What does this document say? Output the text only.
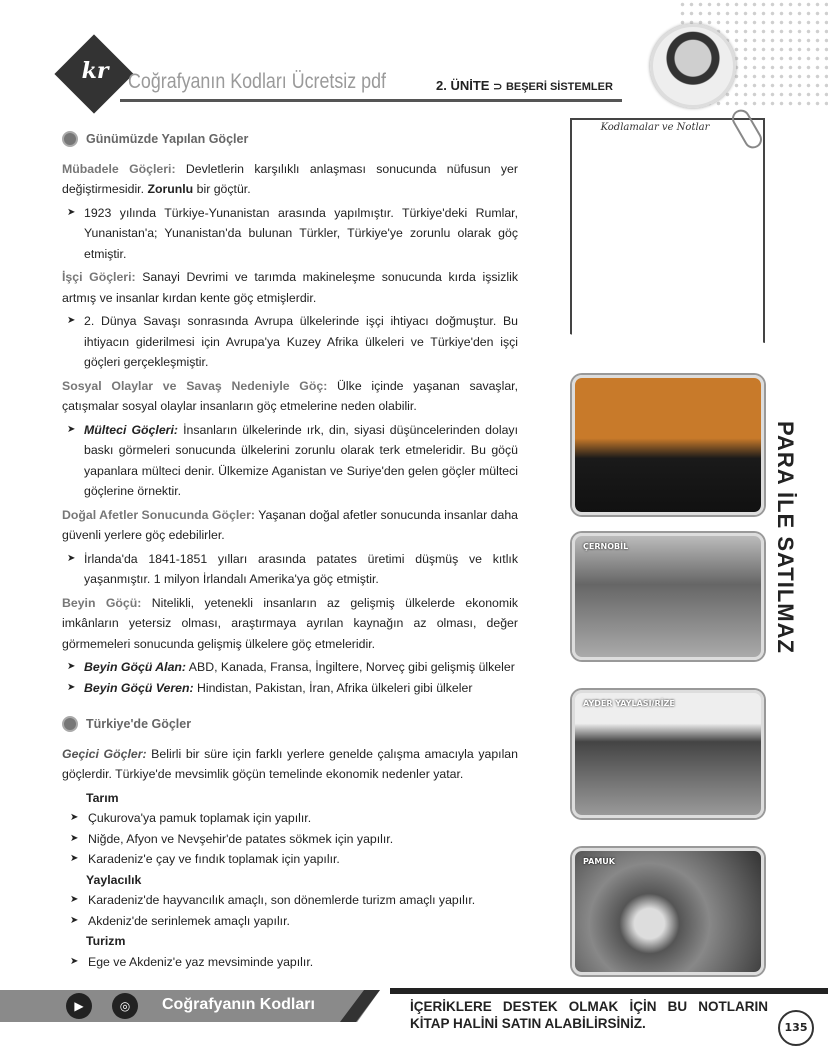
kr Coğrafyanın Kodları Ücretsiz pdf	2. ÜNİTE ⊃ BEŞERİ SİSTEMLER
Günümüzde Yapılan Göçler
Mübadele Göçleri: Devletlerin karşılıklı anlaşması sonucunda nüfusun yer değiştirmesidir. Zorunlu bir göçtür.
➤ 1923 yılında Türkiye-Yunanistan arasında yapılmıştır. Türkiye'deki Rumlar, Yunanistan'a; Yunanistan'da bulunan Türkler, Türkiye'ye zorunlu olarak göç etmiştir.
İşçi Göçleri: Sanayi Devrimi ve tarımda makineleşme sonucunda kırda işsizlik artmış ve insanlar kırdan kente göç etmişlerdir.
➤ 2. Dünya Savaşı sonrasında Avrupa ülkelerinde işçi ihtiyacı doğmuştur. Bu ihtiyacın giderilmesi için Avrupa'ya Kuzey Afrika ülkeleri ve Türkiye'den işçi göçleri gerçekleşmiştir.
Sosyal Olaylar ve Savaş Nedeniyle Göç: Ülke içinde yaşanan savaşlar, çatışmalar sosyal olaylar insanların göç etmelerine neden olabilir.
➤ Mülteci Göçleri: İnsanların ülkelerinde ırk, din, siyasi düşüncelerinden dolayı baskı görmeleri sonucunda ülkelerini zorunlu olarak terk etmeleridir. Bu göçü yapanlara mülteci denir. Ülkemize Aganistan ve Suriye'den gelen göçler mülteci göçlerine örnektir.
Doğal Afetler Sonucunda Göçler: Yaşanan doğal afetler sonucunda insanlar daha güvenli yerlere göç edebilirler.
➤ İrlanda'da 1841-1851 yılları arasında patates üretimi düşmüş ve kıtlık yaşanmıştır. 1 milyon İrlandalı Amerika'ya göç etmiştir.
Beyin Göçü: Nitelikli, yetenekli insanların az gelişmiş ülkelerde ekonomik imkânların yetersiz olması, araştırmaya ayrılan kaynağın az olması, değer görmemeleri sonucunda gelişmiş ülkelere göç etmeleridir.
➤ Beyin Göçü Alan: ABD, Kanada, Fransa, İngiltere, Norveç gibi gelişmiş ülkeler
➤ Beyin Göçü Veren: Hindistan, Pakistan, İran, Afrika ülkeleri gibi ülkeler
Türkiye'de Göçler
Geçici Göçler: Belirli bir süre için farklı yerlere genelde çalışma amacıyla yapılan göçlerdir. Türkiye'de mevsimlik göçün temelinde ekonomik nedenler yatar.
Tarım
➤ Çukurova'ya pamuk toplamak için yapılır.
➤ Niğde, Afyon ve Nevşehir'de patates sökmek için yapılır.
➤ Karadeniz'e çay ve fındık toplamak için yapılır.
Yaylacılık
➤ Karadeniz'de hayvancılık amaçlı, son dönemlerde turizm amaçlı yapılır.
➤ Akdeniz'de serinlemek amaçlı yapılır.
Turizm
➤ Ege ve Akdeniz'e yaz mevsiminde yapılır.
Kodlamalar ve Notlar
ÇERNOBİL
AYDER YAYLASI/RİZE
PAMUK
PARA İLE SATILMAZ
▶	◎	Coğrafyanın Kodları	İÇERİKLERE DESTEK OLMAK İÇİN BU NOTLARIN KİTAP HALİNİ SATIN ALABİLİRSİNİZ.	135
